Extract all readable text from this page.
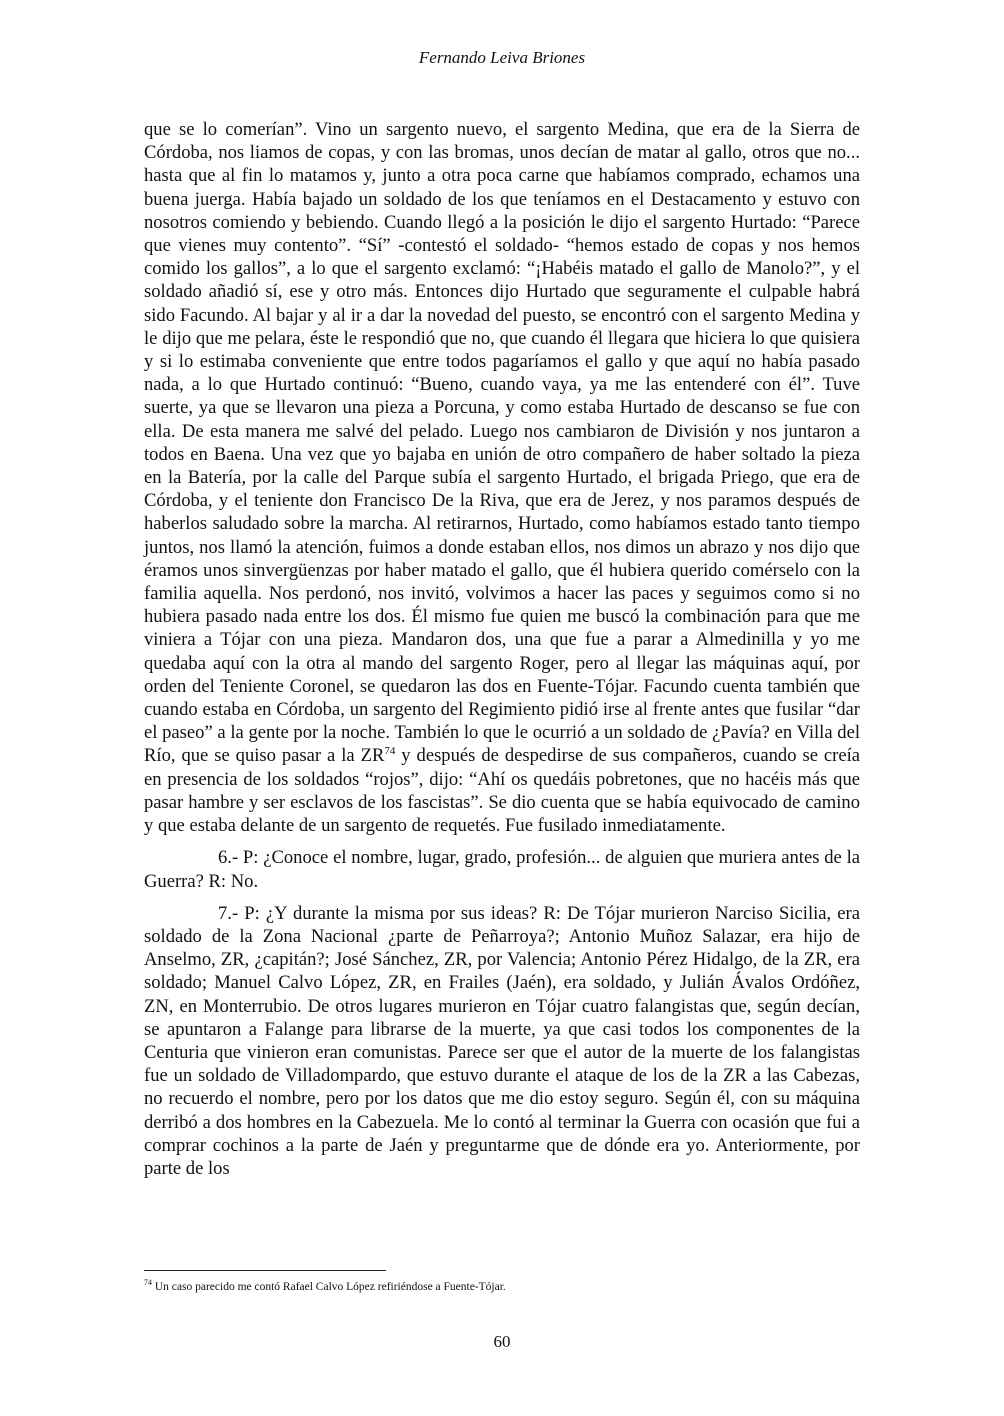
Fernando Leiva Briones

que se lo comerían”. Vino un sargento nuevo, el sargento Medina, que era de la Sierra de Córdoba, nos liamos de copas, y con las bromas, unos decían de matar al gallo, otros que no... hasta que al fin lo matamos y, junto a otra poca carne que habíamos comprado, echamos una buena juerga. Había bajado un soldado de los que teníamos en el Destacamento y estuvo con nosotros comiendo y bebiendo. Cuando llegó a la posición le dijo el sargento Hurtado: “Parece que vienes muy contento”. “Sí” -contestó el soldado- “hemos estado de copas y nos hemos comido los gallos”, a lo que el sargento exclamó: “¡Habéis matado el gallo de Manolo?”, y el soldado añadió sí, ese y otro más. Entonces dijo Hurtado que seguramente el culpable habrá sido Facundo. Al bajar y al ir a dar la novedad del puesto, se encontró con el sargento Medina y le dijo que me pelara, éste le respondió que no, que cuando él llegara que hiciera lo que quisiera y si lo estimaba conveniente que entre todos pagaríamos el gallo y que aquí no había pasado nada, a lo que Hurtado continuó: “Bueno, cuando vaya, ya me las entenderé con él”. Tuve suerte, ya que se llevaron una pieza a Porcuna, y como estaba Hurtado de descanso se fue con ella. De esta manera me salvé del pelado. Luego nos cambiaron de División y nos juntaron a todos en Baena. Una vez que yo bajaba en unión de otro compañero de haber soltado la pieza en la Batería, por la calle del Parque subía el sargento Hurtado, el brigada Priego, que era de Córdoba, y el teniente don Francisco De la Riva, que era de Jerez, y nos paramos después de haberlos saludado sobre la marcha. Al retirarnos, Hurtado, como habíamos estado tanto tiempo juntos, nos llamó la atención, fuimos a donde estaban ellos, nos dimos un abrazo y nos dijo que éramos unos sinvergüenzas por haber matado el gallo, que él hubiera querido comérselo con la familia aquella. Nos perdonó, nos invitó, volvimos a hacer las paces y seguimos como si no hubiera pasado nada entre los dos. Él mismo fue quien me buscó la combinación para que me viniera a Tójar con una pieza. Mandaron dos, una que fue a parar a Almedinilla y yo me quedaba aquí con la otra al mando del sargento Roger, pero al llegar las máquinas aquí, por orden del Teniente Coronel, se quedaron las dos en Fuente-Tójar. Facundo cuenta también que cuando estaba en Córdoba, un sargento del Regimiento pidió irse al frente antes que fusilar “dar el paseo” a la gente por la noche. También lo que le ocurrió a un soldado de ¿Pavía? en Villa del Río, que se quiso pasar a la ZR$^{74}$ y después de despedirse de sus compañeros, cuando se creía en presencia de los soldados “rojos”, dijo: “Ahí os quedáis pobretones, que no hacéis más que pasar hambre y ser esclavos de los fascistas”. Se dio cuenta que se había equivocado de camino y que estaba delante de un sargento de requetés. Fue fusilado inmediatamente.

6.- P: ¿Conoce el nombre, lugar, grado, profesión... de alguien que muriera antes de la Guerra? R: No.

7.- P: ¿Y durante la misma por sus ideas? R: De Tójar murieron Narciso Sicilia, era soldado de la Zona Nacional ¿parte de Peñarroya?; Antonio Muñoz Salazar, era hijo de Anselmo, ZR, ¿capitán?; José Sánchez, ZR, por Valencia; Antonio Pérez Hidalgo, de la ZR, era soldado; Manuel Calvo López, ZR, en Frailes (Jaén), era soldado, y Julián Ávalos Ordóñez, ZN, en Monterrubio. De otros lugares murieron en Tójar cuatro falangistas que, según decían, se apuntaron a Falange para librarse de la muerte, ya que casi todos los componentes de la Centuria que vinieron eran comunistas. Parece ser que el autor de la muerte de los falangistas fue un soldado de Villadompardo, que estuvo durante el ataque de los de la ZR a las Cabezas, no recuerdo el nombre, pero por los datos que me dio estoy seguro. Según él, con su máquina derribó a dos hombres en la Cabezuela. Me lo contó al terminar la Guerra con ocasión que fui a comprar cochinos a la parte de Jaén y preguntarme que de dónde era yo. Anteriormente, por parte de los

$^{74}$ Un caso parecido me contó Rafael Calvo López refiriéndose a Fuente-Tójar.
60
